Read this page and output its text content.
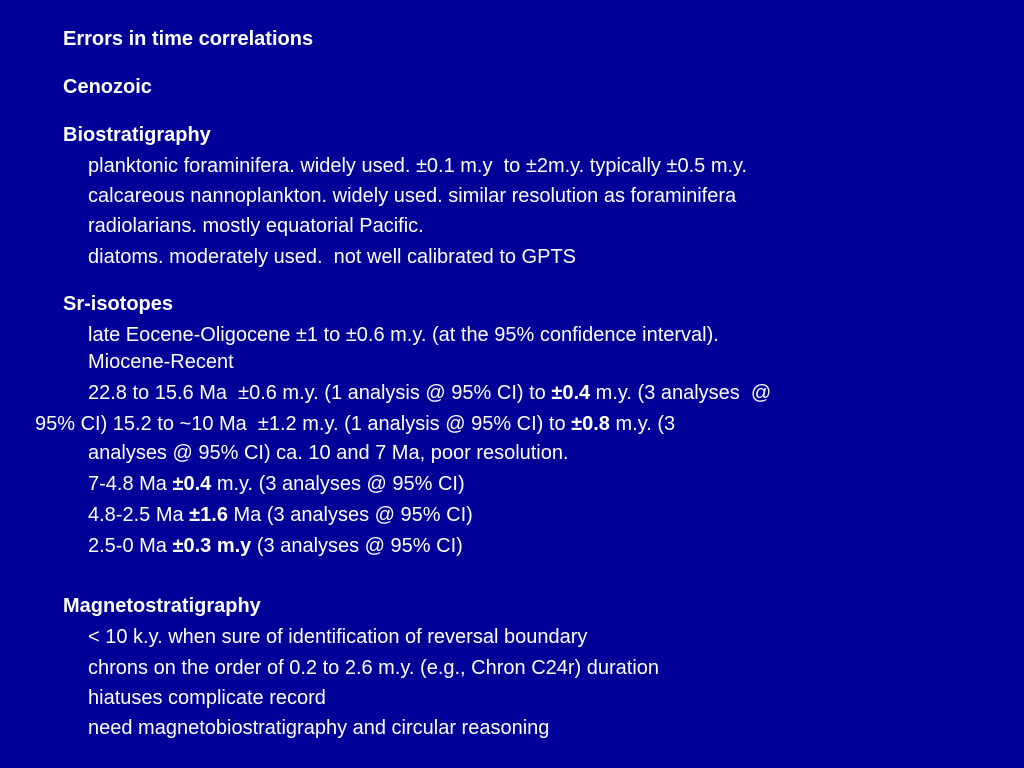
Errors in time correlations
Cenozoic
Biostratigraphy
planktonic foraminifera. widely used. ±0.1 m.y  to ±2m.y. typically ±0.5 m.y.
calcareous nannoplankton. widely used. similar resolution as foraminifera
radiolarians. mostly equatorial Pacific.
diatoms. moderately used.  not well calibrated to GPTS
Sr-isotopes
late Eocene-Oligocene ±1 to ±0.6 m.y. (at the 95% confidence interval).
Miocene-Recent
22.8 to 15.6 Ma  ±0.6 m.y. (1 analysis @ 95% CI) to ±0.4 m.y. (3 analyses  @
95% CI) 15.2 to ~10 Ma  ±1.2 m.y. (1 analysis @ 95% CI) to ±0.8 m.y. (3
analyses @ 95% CI) ca. 10 and 7 Ma, poor resolution.
7-4.8 Ma ±0.4 m.y. (3 analyses @ 95% CI)
4.8-2.5 Ma ±1.6 Ma (3 analyses @ 95% CI)
2.5-0 Ma ±0.3 m.y (3 analyses @ 95% CI)
Magnetostratigraphy
< 10 k.y. when sure of identification of reversal boundary
chrons on the order of 0.2 to 2.6 m.y. (e.g., Chron C24r) duration
hiatuses complicate record
need magnetobiostratigraphy and circular reasoning
